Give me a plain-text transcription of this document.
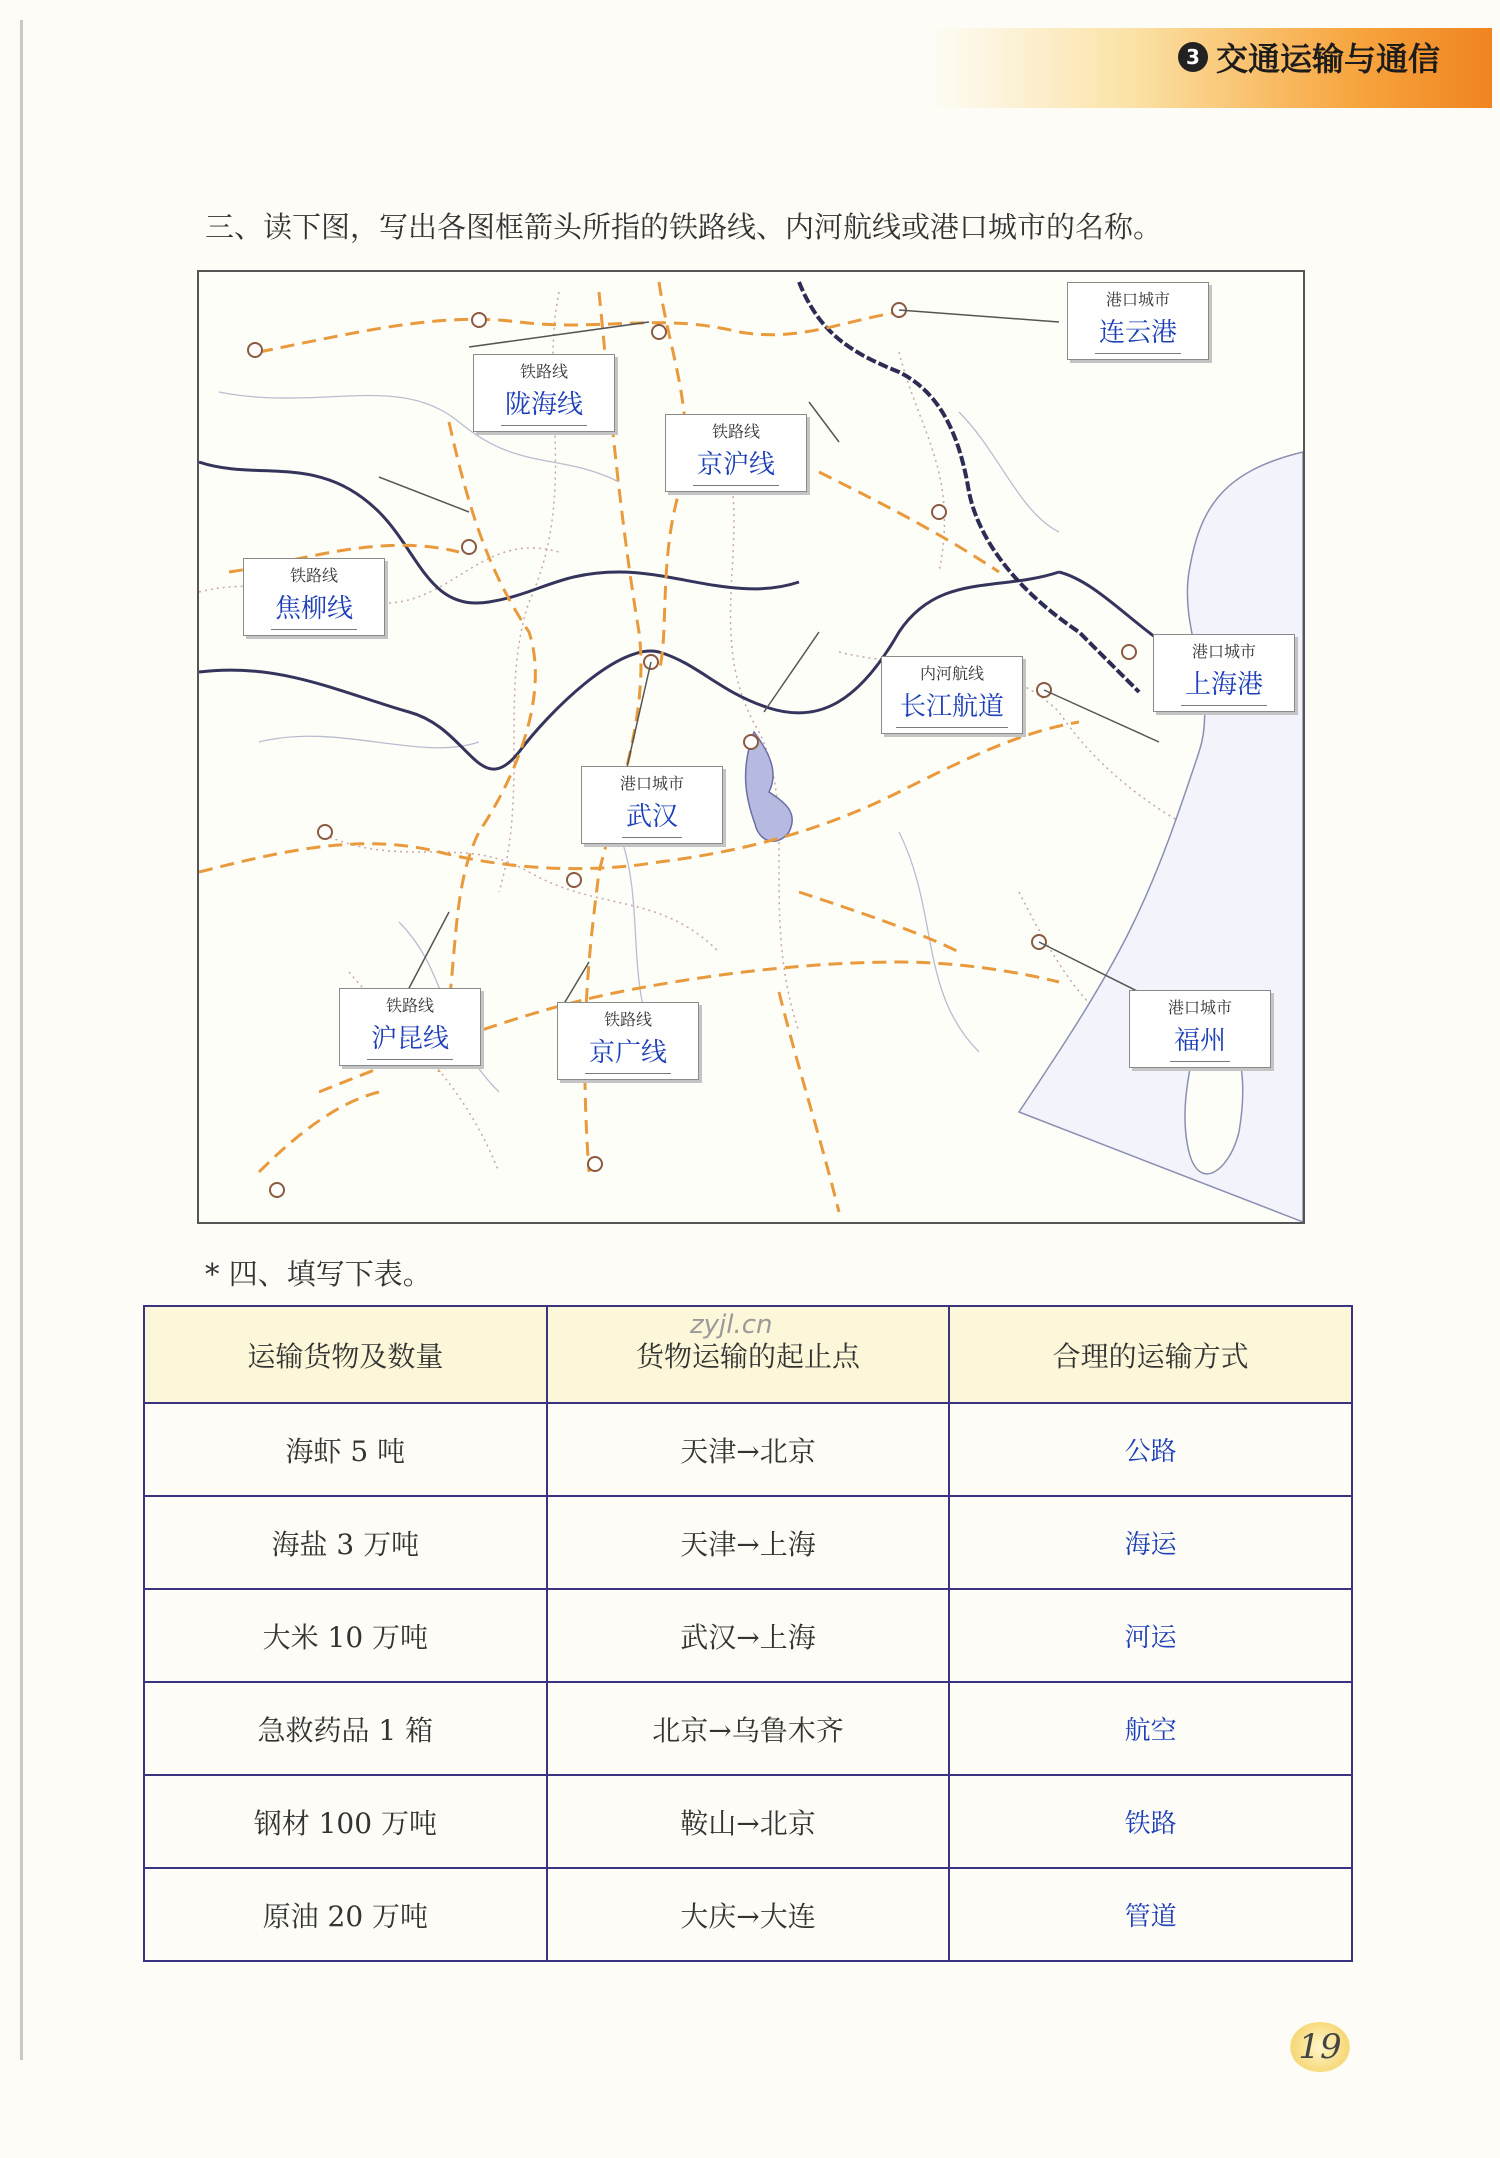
3 交通运输与通信
三、读下图，写出各图框箭头所指的铁路线、内河航线或港口城市的名称。
港口城市
连云港
铁路线
陇海线
铁路线
京沪线
铁路线
焦柳线
港口城市
上海港
内河航线
长江航道
港口城市
武汉
港口城市
福州
铁路线
沪昆线
铁路线
京广线
* 四、填写下表。
运输货物及数量	货物运输的起止点	合理的运输方式
海虾 5 吨	天津→北京	公路
海盐 3 万吨	天津→上海	海运
大米 10 万吨	武汉→上海	河运
急救药品 1 箱	北京→乌鲁木齐	航空
钢材 100 万吨	鞍山→北京	铁路
原油 20 万吨	大庆→大连	管道
zyjl.cn
19
